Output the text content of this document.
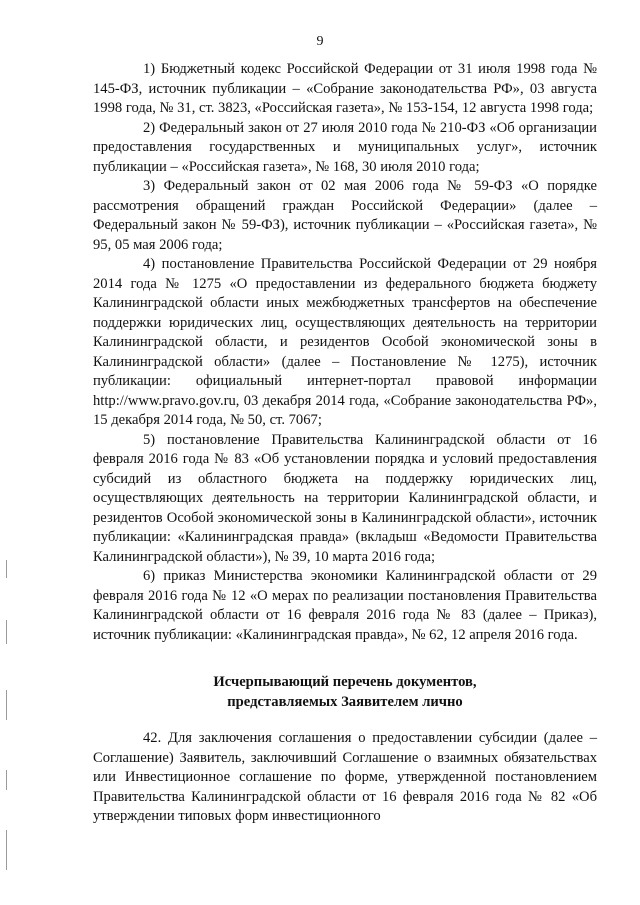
9

1) Бюджетный кодекс Российской Федерации от 31 июля 1998 года № 145-ФЗ, источник публикации – «Собрание законодательства РФ», 03 августа 1998 года, № 31, ст. 3823, «Российская газета», № 153-154, 12 августа 1998 года;

2) Федеральный закон от 27 июля 2010 года № 210-ФЗ «Об организации предоставления государственных и муниципальных услуг», источник публикации – «Российская газета», № 168, 30 июля 2010 года;

3) Федеральный закон от 02 мая 2006 года № 59-ФЗ «О порядке рассмотрения обращений граждан Российской Федерации» (далее – Федеральный закон № 59-ФЗ), источник публикации – «Российская газета», № 95, 05 мая 2006 года;

4) постановление Правительства Российской Федерации от 29 ноября 2014 года № 1275 «О предоставлении из федерального бюджета бюджету Калининградской области иных межбюджетных трансфертов на обеспечение поддержки юридических лиц, осуществляющих деятельность на территории Калининградской области, и резидентов Особой экономической зоны в Калининградской области» (далее – Постановление № 1275), источник публикации: официальный интернет-портал правовой информации http://www.pravo.gov.ru, 03 декабря 2014 года, «Собрание законодательства РФ», 15 декабря 2014 года, № 50, ст. 7067;

5) постановление Правительства Калининградской области от 16 февраля 2016 года № 83 «Об установлении порядка и условий предоставления субсидий из областного бюджета на поддержку юридических лиц, осуществляющих деятельность на территории Калининградской области, и резидентов Особой экономической зоны в Калининградской области», источник публикации: «Калининградская правда» (вкладыш «Ведомости Правительства Калининградской области»), № 39, 10 марта 2016 года;

6) приказ Министерства экономики Калининградской области от 29 февраля 2016 года № 12 «О мерах по реализации постановления Правительства Калининградской области от 16 февраля 2016 года № 83 (далее – Приказ), источник публикации: «Калининградская правда», № 62, 12 апреля 2016 года.

Исчерпывающий перечень документов,
представляемых Заявителем лично

42. Для заключения соглашения о предоставлении субсидии (далее – Соглашение) Заявитель, заключивший Соглашение о взаимных обязательствах или Инвестиционное соглашение по форме, утвержденной постановлением Правительства Калининградской области от 16 февраля 2016 года № 82 «Об утверждении типовых форм инвестиционного
